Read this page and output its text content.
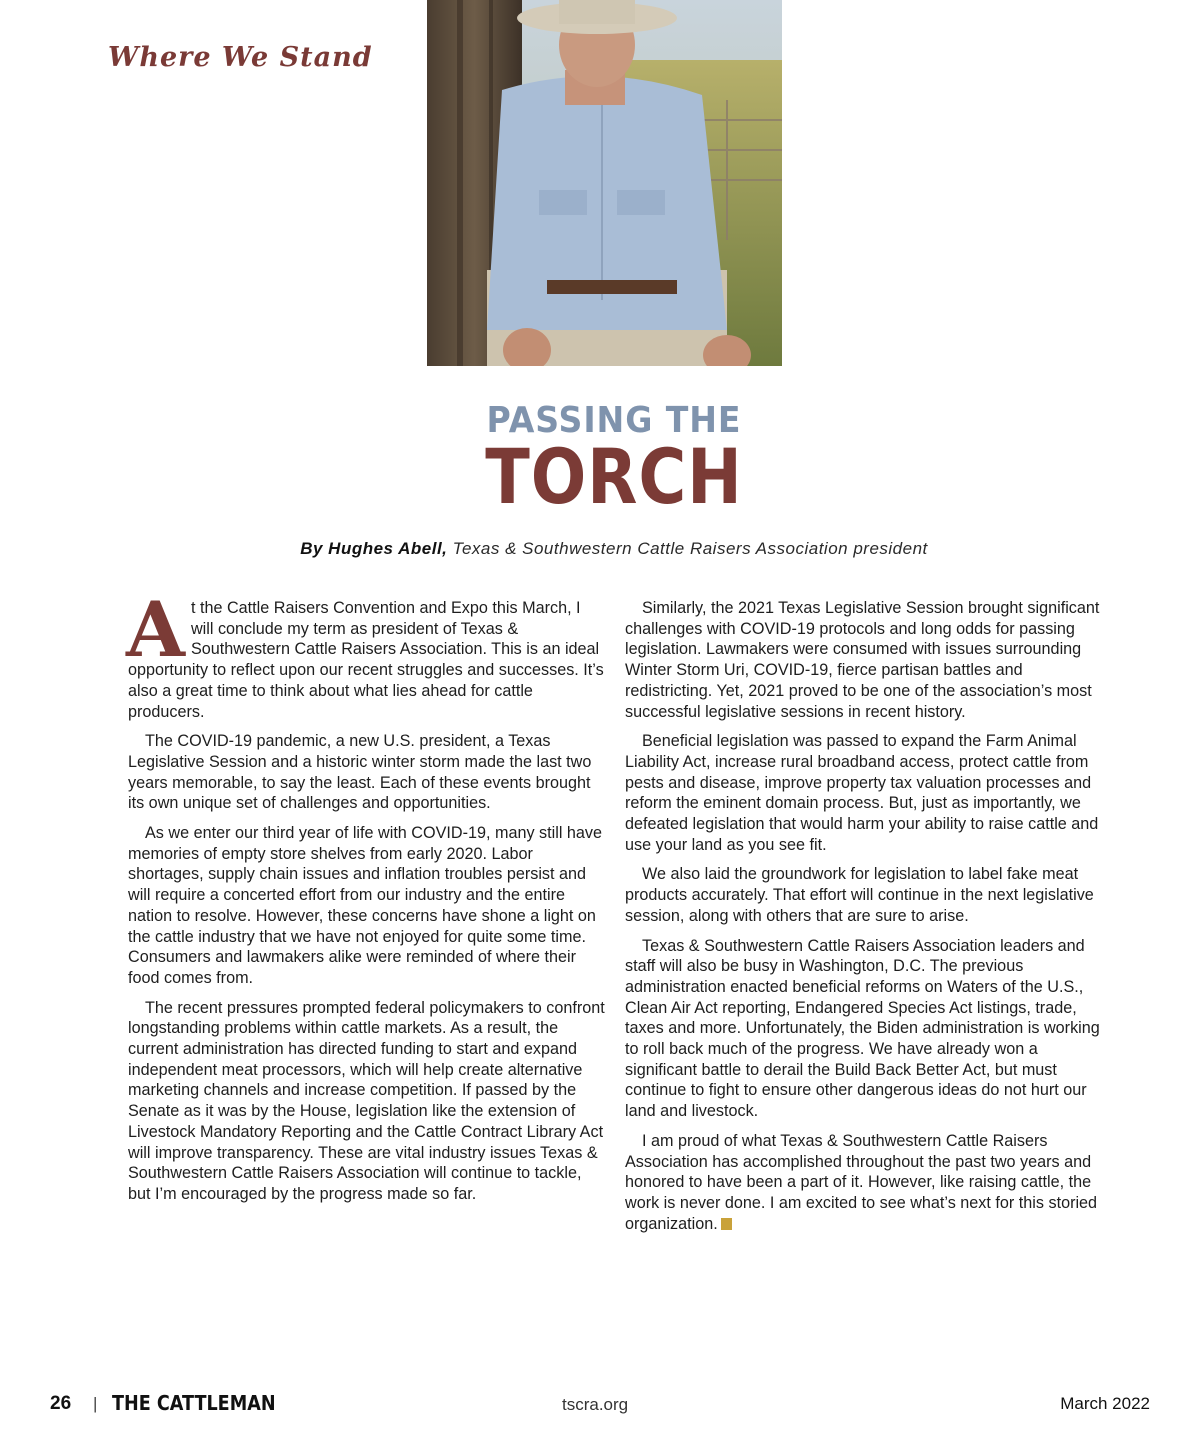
Where We Stand
PASSING THE
TORCH
By Hughes Abell, Texas & Southwestern Cattle Raisers Association president

At the Cattle Raisers Convention and Expo this March, I will conclude my term as president of Texas & Southwestern Cattle Raisers Association. This is an ideal opportunity to reflect upon our recent struggles and successes. It’s also a great time to think about what lies ahead for cattle producers.

The COVID-19 pandemic, a new U.S. president, a Texas Legislative Session and a historic winter storm made the last two years memorable, to say the least. Each of these events brought its own unique set of challenges and opportunities.

As we enter our third year of life with COVID-19, many still have memories of empty store shelves from early 2020. Labor shortages, supply chain issues and inflation troubles persist and will require a concerted effort from our industry and the entire nation to resolve. However, these concerns have shone a light on the cattle industry that we have not enjoyed for quite some time. Consumers and lawmakers alike were reminded of where their food comes from.

The recent pressures prompted federal policymakers to confront longstanding problems within cattle markets. As a result, the current administration has directed funding to start and expand independent meat processors, which will help create alternative marketing channels and increase competition. If passed by the Senate as it was by the House, legislation like the extension of Livestock Mandatory Reporting and the Cattle Contract Library Act will improve transparency. These are vital industry issues Texas & Southwestern Cattle Raisers Association will continue to tackle, but I’m encouraged by the progress made so far.

Similarly, the 2021 Texas Legislative Session brought significant challenges with COVID-19 protocols and long odds for passing legislation. Lawmakers were consumed with issues surrounding Winter Storm Uri, COVID-19, fierce partisan battles and redistricting. Yet, 2021 proved to be one of the association’s most successful legislative sessions in recent history.

Beneficial legislation was passed to expand the Farm Animal Liability Act, increase rural broadband access, protect cattle from pests and disease, improve property tax valuation processes and reform the eminent domain process. But, just as importantly, we defeated legislation that would harm your ability to raise cattle and use your land as you see fit.

We also laid the groundwork for legislation to label fake meat products accurately. That effort will continue in the next legislative session, along with others that are sure to arise.

Texas & Southwestern Cattle Raisers Association leaders and staff will also be busy in Washington, D.C. The previous administration enacted beneficial reforms on Waters of the U.S., Clean Air Act reporting, Endangered Species Act listings, trade, taxes and more. Unfortunately, the Biden administration is working to roll back much of the progress. We have already won a significant battle to derail the Build Back Better Act, but must continue to fight to ensure other dangerous ideas do not hurt our land and livestock.

I am proud of what Texas & Southwestern Cattle Raisers Association has accomplished throughout the past two years and honored to have been a part of it. However, like raising cattle, the work is never done. I am excited to see what’s next for this storied organization.

26 | THE CATTLEMAN	tscra.org	March 2022
